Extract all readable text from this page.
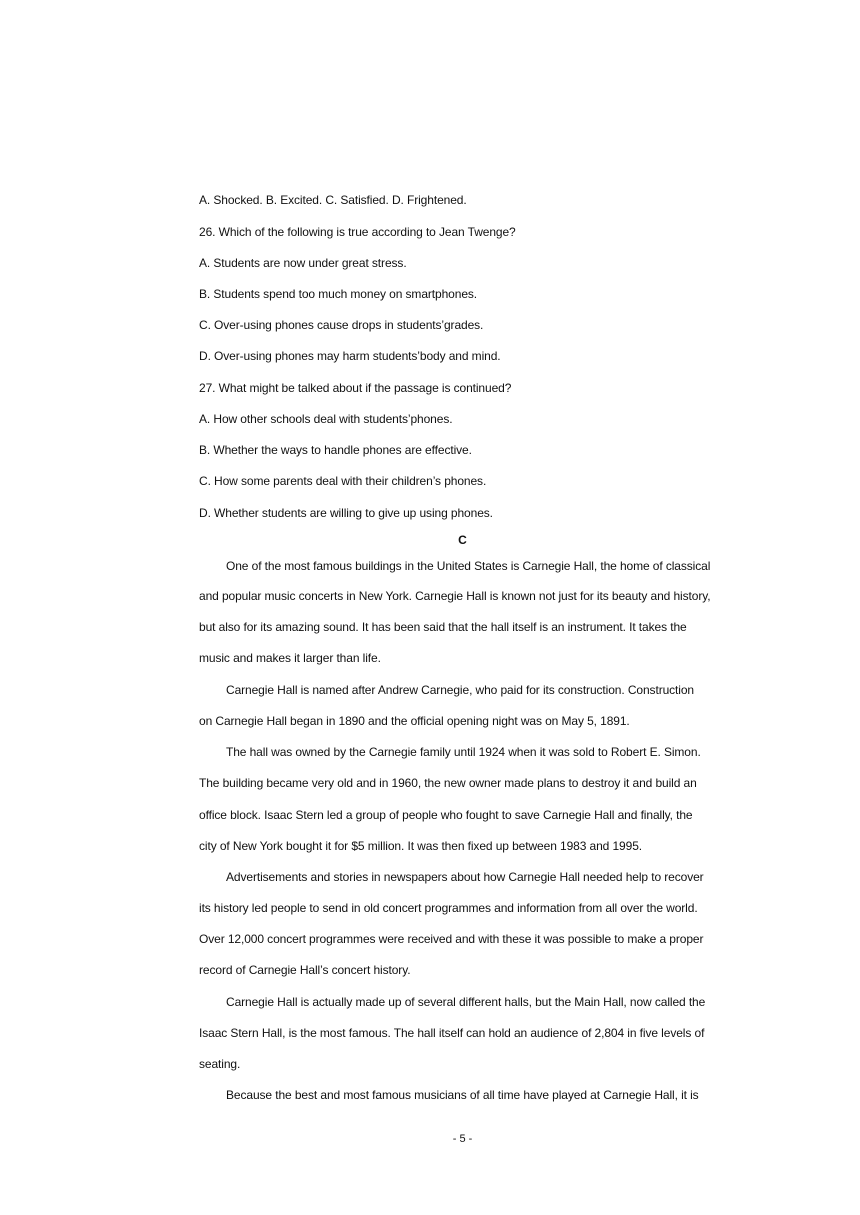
A. Shocked. B. Excited. C. Satisfied. D. Frightened.
26. Which of the following is true according to Jean Twenge?
A. Students are now under great stress.
B. Students spend too much money on smartphones.
C. Over-using phones cause drops in students’grades.
D. Over-using phones may harm students’body and mind.
27. What might be talked about if the passage is continued?
A. How other schools deal with students’phones.
B. Whether the ways to handle phones are effective.
C. How some parents deal with their children’s phones.
D. Whether students are willing to give up using phones.
C
One of the most famous buildings in the United States is Carnegie Hall, the home of classical
and popular music concerts in New York. Carnegie Hall is known not just for its beauty and history,
but also for its amazing sound. It has been said that the hall itself is an instrument. It takes the
music and makes it larger than life.
Carnegie Hall is named after Andrew Carnegie, who paid for its construction. Construction
on Carnegie Hall began in 1890 and the official opening night was on May 5, 1891.
The hall was owned by the Carnegie family until 1924 when it was sold to Robert E. Simon.
The building became very old and in 1960, the new owner made plans to destroy it and build an
office block. Isaac Stern led a group of people who fought to save Carnegie Hall and finally, the
city of New York bought it for $5 million. It was then fixed up between 1983 and 1995.
Advertisements and stories in newspapers about how Carnegie Hall needed help to recover
its history led people to send in old concert programmes and information from all over the world.
Over 12,000 concert programmes were received and with these it was possible to make a proper
record of Carnegie Hall’s concert history.
Carnegie Hall is actually made up of several different halls, but the Main Hall, now called the
Isaac Stern Hall, is the most famous. The hall itself can hold an audience of 2,804 in five levels of
seating.
Because the best and most famous musicians of all time have played at Carnegie Hall, it is
- 5 -
